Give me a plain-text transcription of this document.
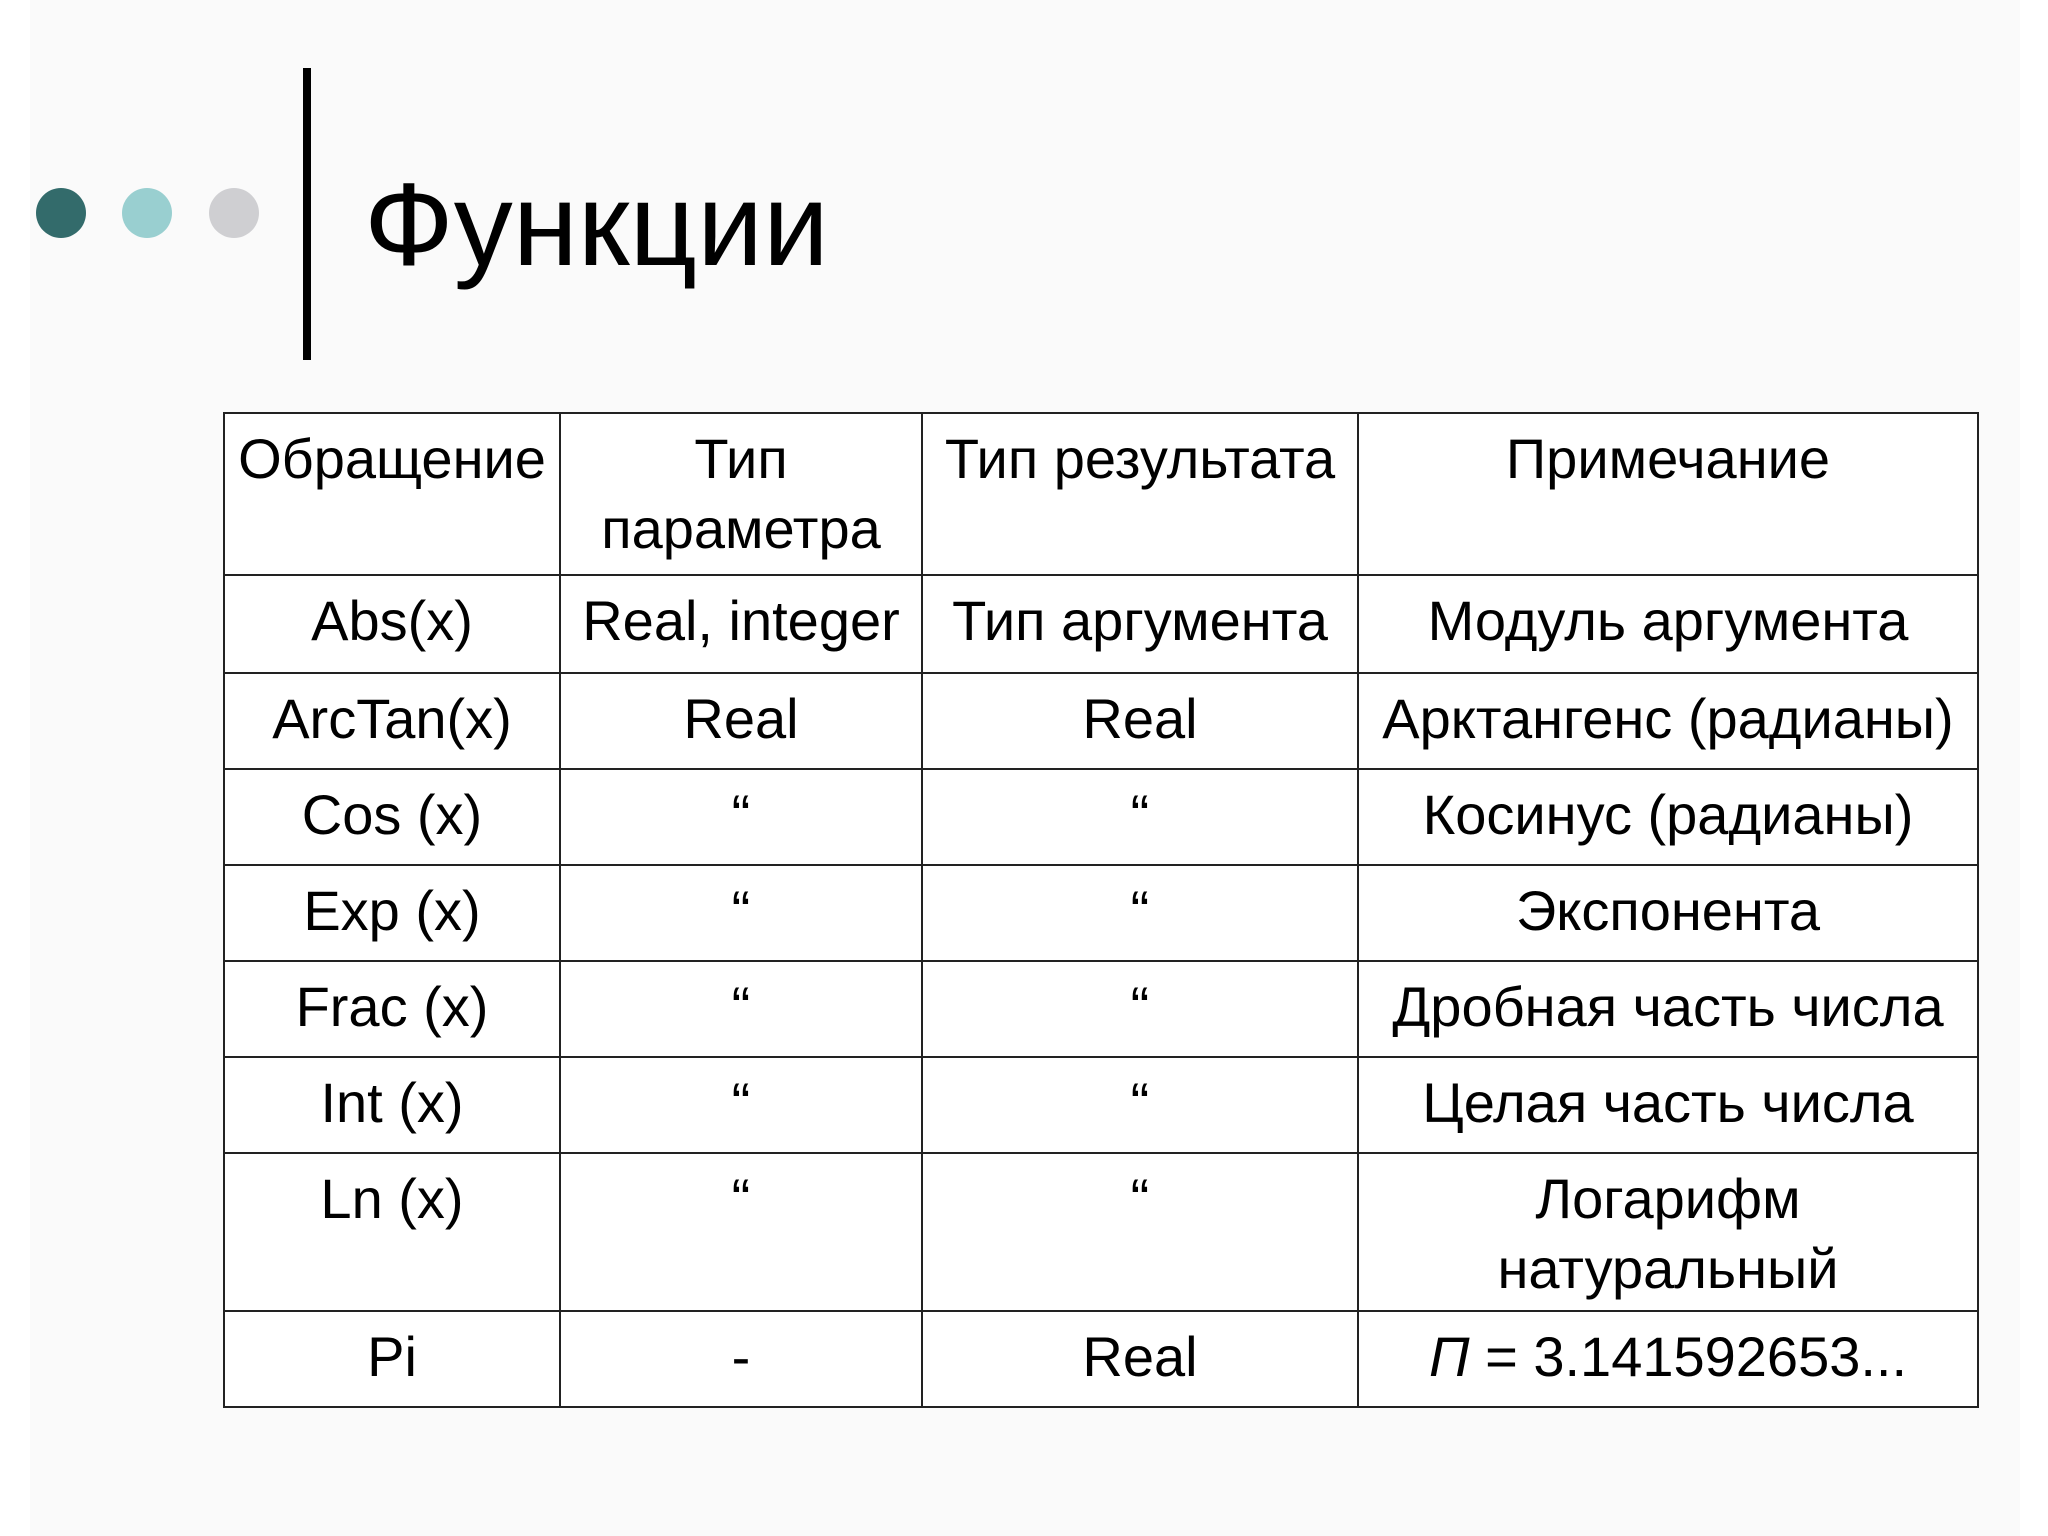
Функции
Обращение	Тип параметра	Тип результата	Примечание
Abs(x)	Real, integer	Тип аргумента	Модуль аргумента
ArcTan(x)	Real	Real	Арктангенс (радианы)
Cos (x)	“	“	Косинус (радианы)
Exp (x)	“	“	Экспонента
Frac (x)	“	“	Дробная часть числа
Int (x)	“	“	Целая часть числа
Ln (x)	“	“	Логарифм натуральный
Pi	-	Real	П = 3.141592653...
